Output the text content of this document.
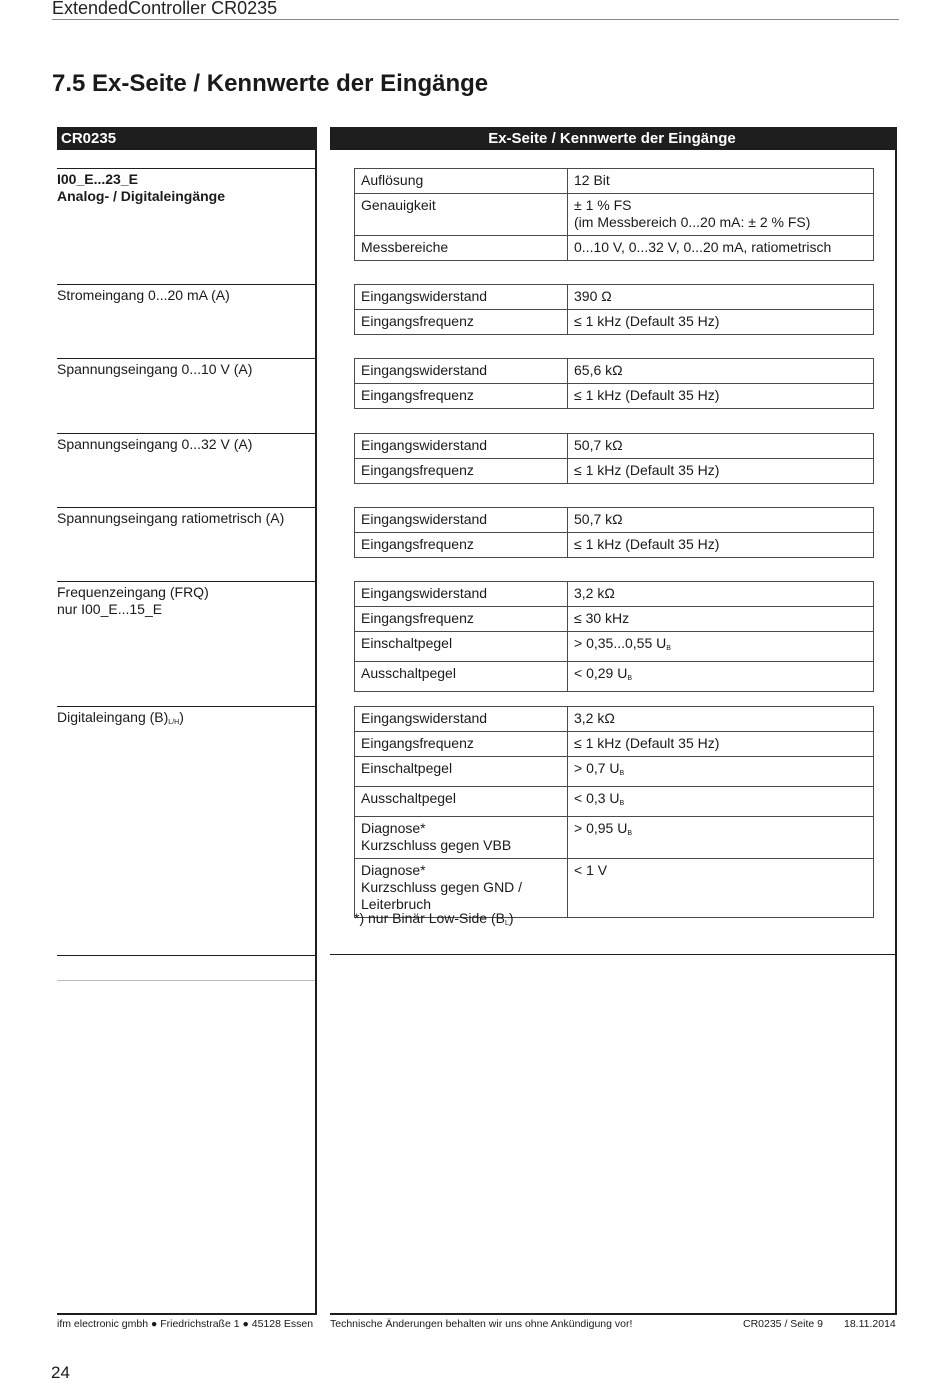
ExtendedController CR0235
7.5 Ex-Seite / Kennwerte der Eingänge
CR0235	Ex-Seite / Kennwerte der Eingänge
I00_E...23_E
Analog- / Digitaleingänge
Auflösung	12 Bit

Genauigkeit	± 1 % FS
(im Messbereich 0...20 mA: ± 2 % FS)

Messbereiche	0...10 V, 0...32 V, 0...20 mA, ratiometrisch
Stromeingang 0...20 mA (A)	Eingangswiderstand	390 Ω

Eingangsfrequenz	≤ 1 kHz (Default 35 Hz)
Spannungseingang 0...10 V (A)	Eingangswiderstand	65,6 kΩ

Eingangsfrequenz	≤ 1 kHz (Default 35 Hz)
Spannungseingang 0...32 V (A)	Eingangswiderstand	50,7 kΩ

Eingangsfrequenz	≤ 1 kHz (Default 35 Hz)
Spannungseingang ratiometrisch (A)	Eingangswiderstand	50,7 kΩ

Eingangsfrequenz	≤ 1 kHz (Default 35 Hz)
Frequenzeingang (FRQ)
nur I00_E...15_E
Eingangswiderstand	3,2 kΩ

Eingangsfrequenz	≤ 30 kHz

Einschaltpegel	> 0,35...0,55 $U_B$

Ausschaltpegel	< 0,29 $U_B$
Digitaleingang $(B)_{L/H}$)	Eingangswiderstand	3,2 kΩ

Eingangsfrequenz	≤ 1 kHz (Default 35 Hz)

Einschaltpegel	> 0,7 $U_B$

Ausschaltpegel	< 0,3 $U_B$

Diagnose*
Kurzschluss gegen VBB	> 0,95 $U_B$

Diagnose*
Kurzschluss gegen GND /
Leiterbruch	< 1 V
*) nur Binär Low-Side $(B_L)$
ifm electronic gmbh ● Friedrichstraße 1 ● 45128 Essen Technische Änderungen behalten wir uns ohne Ankündigung vor!	CR0235 / Seite 9 18.11.2014
24
